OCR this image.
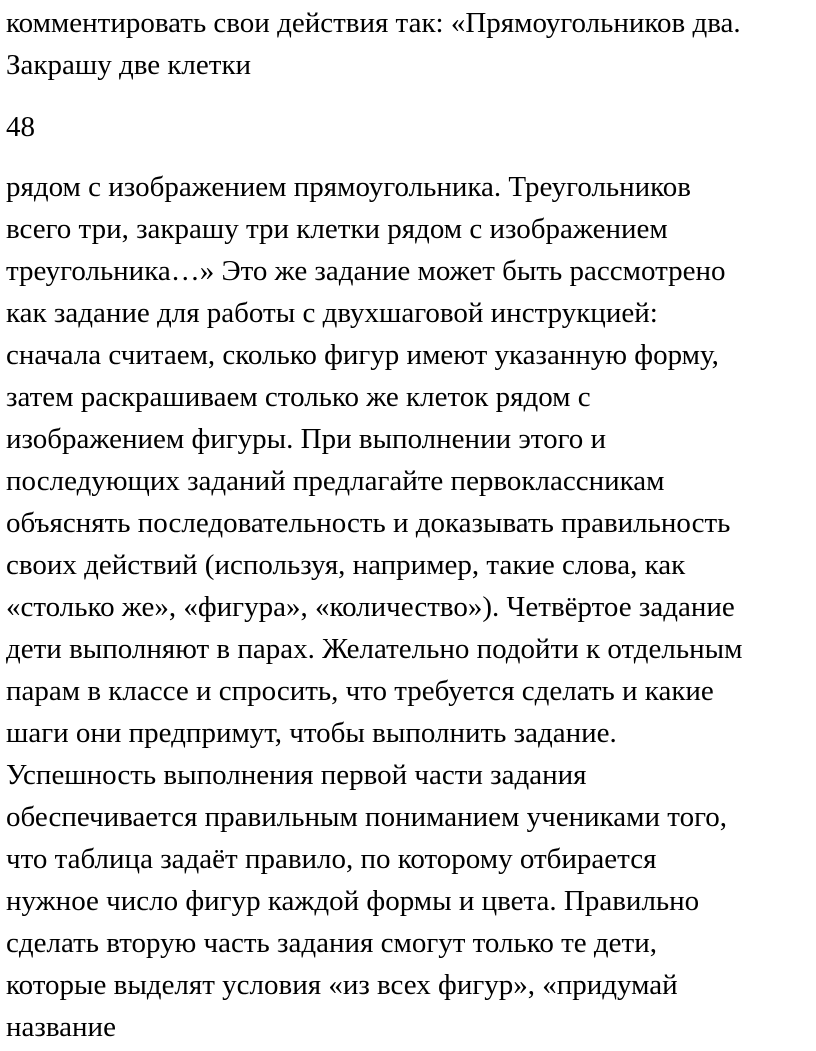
комментировать свои действия так: «Прямоугольников два.
Закрашу две клетки

48

рядом с изображением прямоугольника. Треугольников
всего три, закрашу три клетки рядом с изображением
треугольника…» Это же задание может быть рассмотрено
как задание для работы с двухшаговой инструкцией:
сначала считаем, сколько фигур имеют указанную форму,
затем раскрашиваем столько же клеток рядом с
изображением фигуры. При выполнении этого и
последующих заданий предлагайте первоклассникам
объяснять последовательность и доказывать правильность
своих действий (используя, например, такие слова, как
«столько же», «фигура», «количество»). Четвёртое задание
дети выполняют в парах. Желательно подойти к отдельным
парам в классе и спросить, что требуется сделать и какие
шаги они предпримут, чтобы выполнить задание.
Успешность выполнения первой части задания
обеспечивается правильным пониманием учениками того,
что таблица задаёт правило, по которому отбирается
нужное число фигур каждой формы и цвета. Правильно
сделать вторую часть задания смогут только те дети,
которые выделят условия «из всех фигур», «придумай
название
